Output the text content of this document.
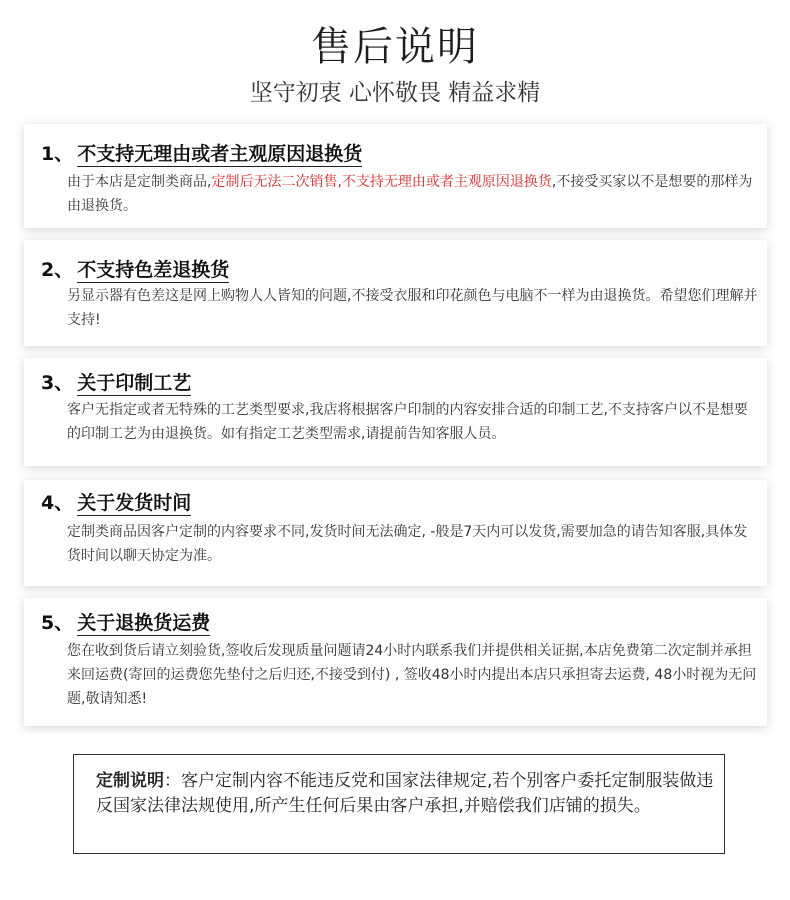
售后说明
坚守初衷 心怀敬畏 精益求精
1、 不支持无理由或者主观原因退换货
由于本店是定制类商品,定制后无法二次销售,不支持无理由或者主观原因退换货,不接受买家以不是想要的那样为由退换货。
2、 不支持色差退换货
另显示器有色差这是网上购物人人皆知的问题,不接受衣服和印花颜色与电脑不一样为由退换货。希望您们理解并支持!
3、 关于印制工艺
客户无指定或者无特殊的工艺类型要求,我店将根据客户印制的内容安排合适的印制工艺,不支持客户以不是想要的印制工艺为由退换货。如有指定工艺类型需求,请提前告知客服人员。
4、 关于发货时间
定制类商品因客户定制的内容要求不同,发货时间无法确定, -般是7天内可以发货,需要加急的请告知客服,具体发货时间以聊天协定为准。
5、 关于退换货运费
您在收到货后请立刻验货,签收后发现质量问题请24小时内联系我们并提供相关证据,本店免费第二次定制并承担来回运费(寄回的运费您先垫付之后归还,不接受到付) , 签收48小时内提出本店只承担寄去运费, 48小时视为无问题,敬请知悉!
定制说明：客户定制内容不能违反党和国家法律规定,若个别客户委托定制服装做违反国家法律法规使用,所产生任何后果由客户承担,并赔偿我们店铺的损失。
